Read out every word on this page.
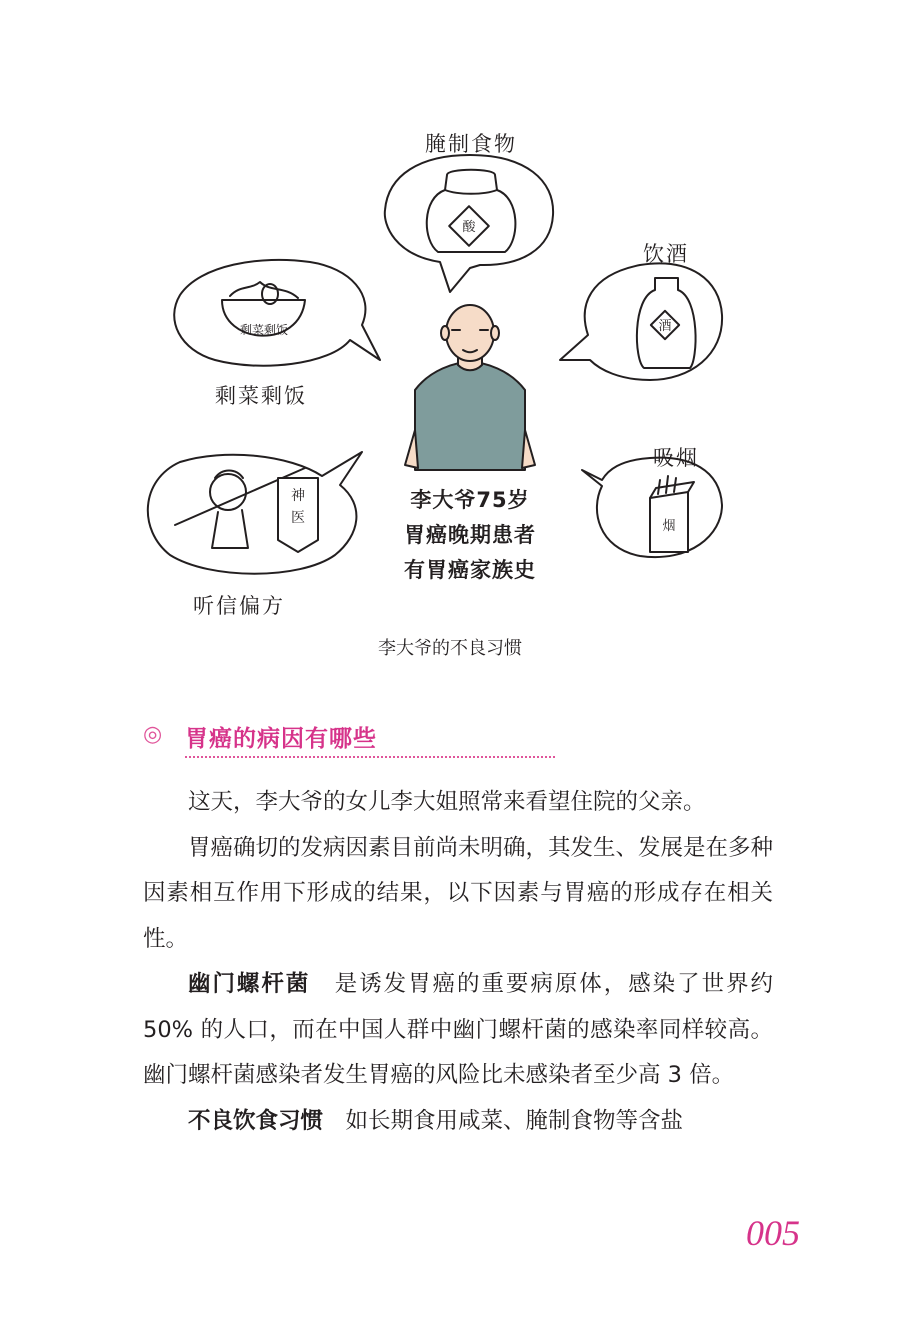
酸
酒
剩菜剩饭
烟
神
医
腌制食物
饮酒
剩菜剩饭
吸烟
听信偏方
李大爷75岁
胃癌晚期患者
有胃癌家族史
李大爷的不良习惯
◎ 胃癌的病因有哪些

这天，李大爷的女儿李大姐照常来看望住院的父亲。

胃癌确切的发病因素目前尚未明确，其发生、发展是在多种因素相互作用下形成的结果，以下因素与胃癌的形成存在相关性。

幽门螺杆菌　是诱发胃癌的重要病原体，感染了世界约 50% 的人口，而在中国人群中幽门螺杆菌的感染率同样较高。幽门螺杆菌感染者发生胃癌的风险比未感染者至少高 3 倍。

不良饮食习惯　如长期食用咸菜、腌制食物等含盐

005
